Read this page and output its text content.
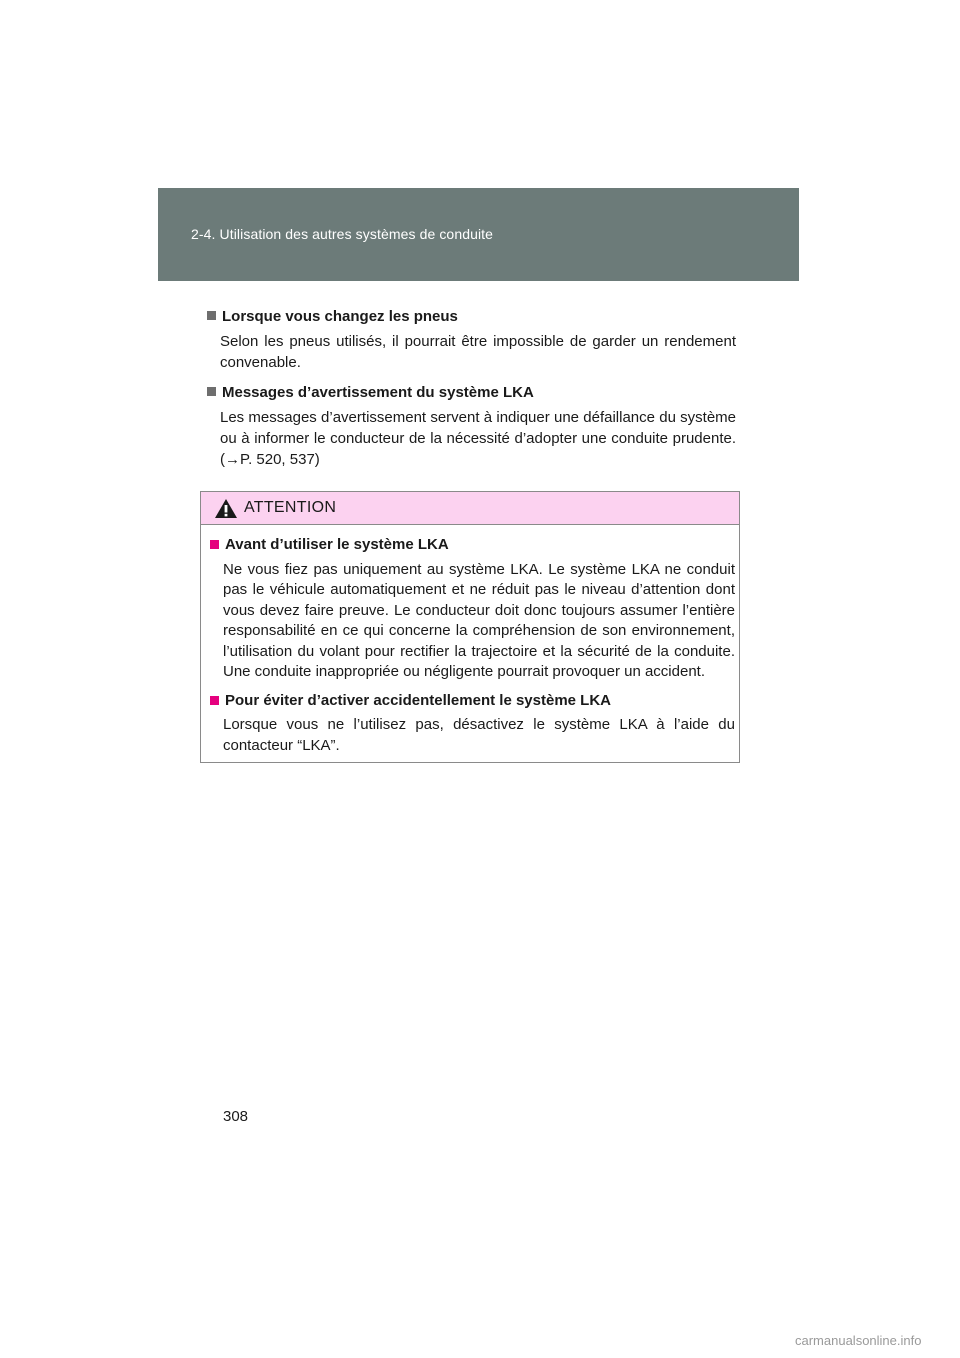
2-4. Utilisation des autres systèmes de conduite

Lorsque vous changez les pneus

Selon les pneus utilisés, il pourrait être impossible de garder un rendement convenable.

Messages d’avertissement du système LKA

Les messages d’avertissement servent à indiquer une défaillance du système ou à informer le conducteur de la nécessité d’adopter une conduite prudente. (→P. 520, 537)

ATTENTION

Avant d’utiliser le système LKA

Ne vous fiez pas uniquement au système LKA. Le système LKA ne conduit pas le véhicule automatiquement et ne réduit pas le niveau d’attention dont vous devez faire preuve. Le conducteur doit donc toujours assumer l’entière responsabilité en ce qui concerne la compréhension de son environnement, l’utilisation du volant pour rectifier la trajectoire et la sécurité de la conduite. Une conduite inappropriée ou négligente pourrait provoquer un accident.

Pour éviter d’activer accidentellement le système LKA

Lorsque vous ne l’utilisez pas, désactivez le système LKA à l’aide du contacteur “LKA”.

308
carmanualsonline.info
